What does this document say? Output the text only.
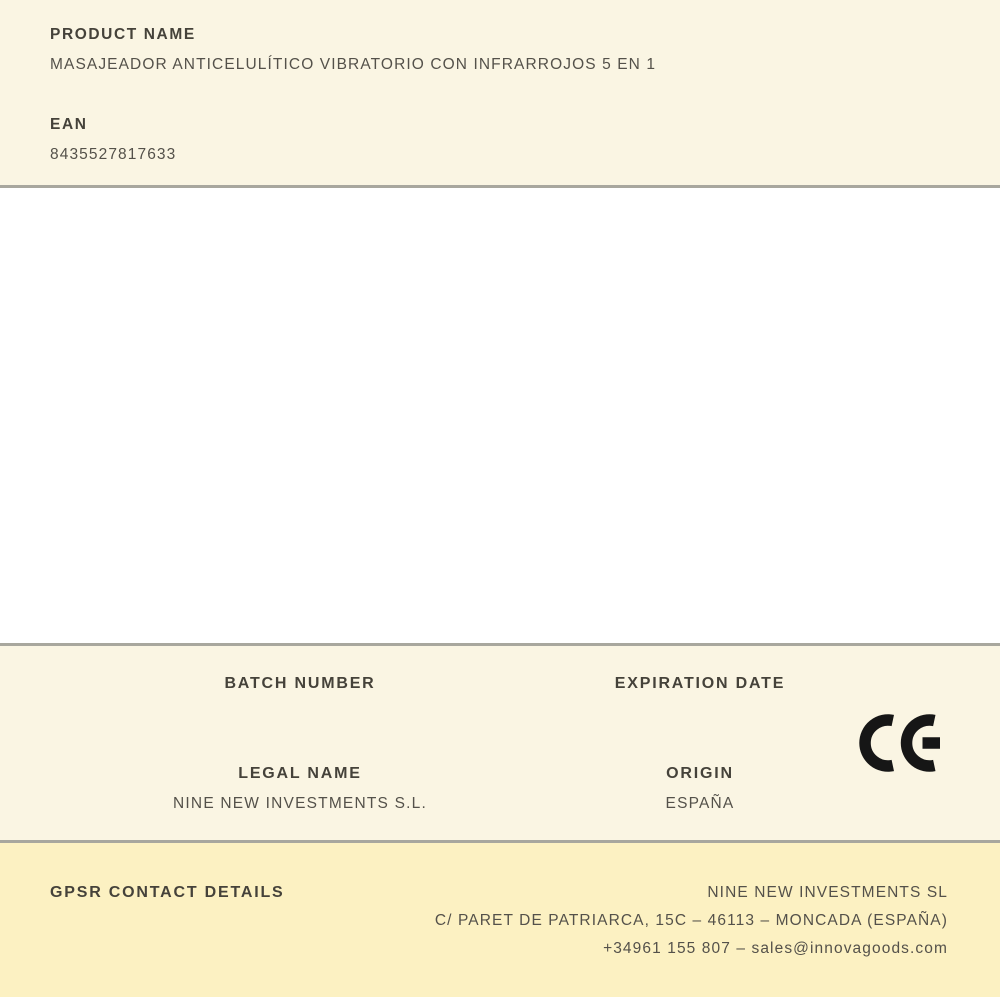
PRODUCT NAME
MASAJEADOR ANTICELULÍTICO VIBRATORIO CON INFRARROJOS 5 EN 1
EAN
8435527817633
BATCH NUMBER
LEGAL NAME
NINE NEW INVESTMENTS S.L.
EXPIRATION DATE
ORIGIN
ESPAÑA
GPSR CONTACT DETAILS	NINE NEW INVESTMENTS SL
C/ PARET DE PATRIARCA, 15C – 46113 – MONCADA (ESPAÑA)
+34961 155 807 – sales@innovagoods.com
